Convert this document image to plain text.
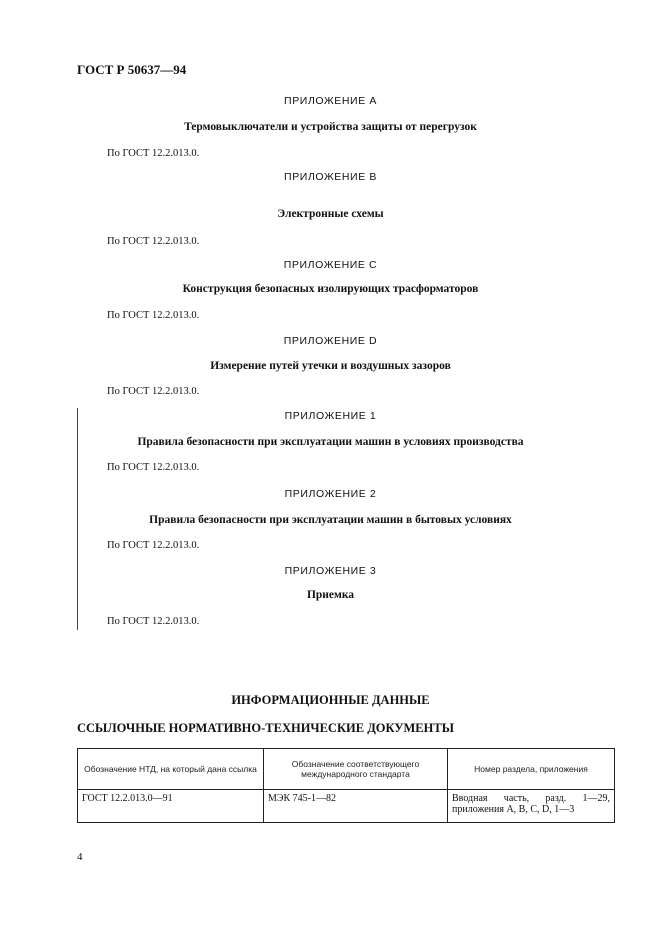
ГОСТ Р 50637—94
ПРИЛОЖЕНИЕ A
Термовыключатели и устройства защиты от перегрузок
По ГОСТ 12.2.013.0.
ПРИЛОЖЕНИЕ B
Электронные схемы
По ГОСТ 12.2.013.0.
ПРИЛОЖЕНИЕ C
Конструкция безопасных изолирующих трасформаторов
По ГОСТ 12.2.013.0.
ПРИЛОЖЕНИЕ D
Измерение путей утечки и воздушных зазоров
По ГОСТ 12.2.013.0.
ПРИЛОЖЕНИЕ 1
Правила безопасности при эксплуатации машин в условиях производства
По ГОСТ 12.2.013.0.
ПРИЛОЖЕНИЕ 2
Правила безопасности при эксплуатации машин в бытовых условиях
По ГОСТ 12.2.013.0.
ПРИЛОЖЕНИЕ 3
Приемка
По ГОСТ 12.2.013.0.
ИНФОРМАЦИОННЫЕ ДАННЫЕ
ССЫЛОЧНЫЕ НОРМАТИВНО-ТЕХНИЧЕСКИЕ ДОКУМЕНТЫ
Обозначение НТД, на который дана ссылка	Обозначение соответствующего международного стандарта	Номер раздела, приложения
ГОСТ 12.2.013.0—91	МЭК 745-1—82	Вводная часть, разд. 1—29, приложения A, B, C, D, 1—3
4
